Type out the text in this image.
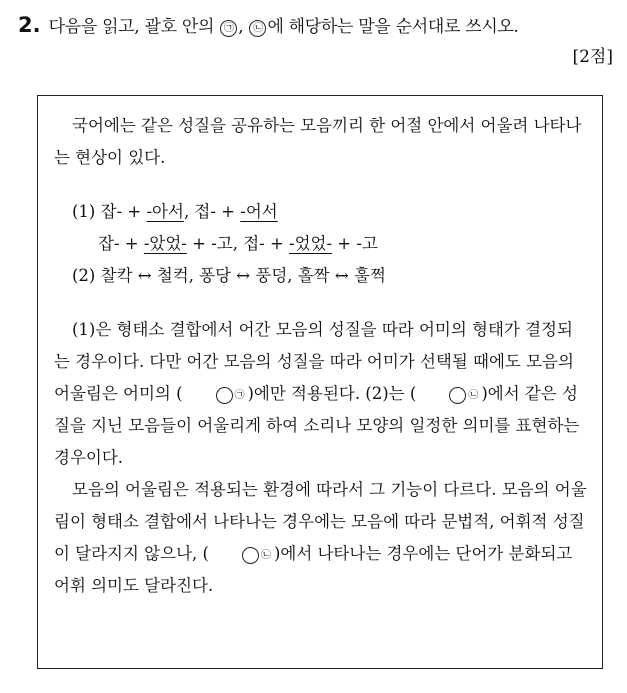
2. 다음을 읽고, 괄호 안의 ㉠ , ㉡ 에 해당하는 말을 순서대로 쓰시오.
[2점]

국어에는 같은 성질을 공유하는 모음끼리 한 어절 안에서 어울려 나타나는 현상이 있다.

(1) 잡- + -아서, 접- + -어서
잡- + -았었- + -고, 접- + -었었- + -고
(2) 찰칵 ↔ 철컥, 퐁당 ↔ 풍덩, 홀짝 ↔ 훌쩍

(1)은 형태소 결합에서 어간 모음의 성질을 따라 어미의 형태가 결정되는 경우이다. 다만 어간 모음의 성질을 따라 어미가 선택될 때에도 모음의 어울림은 어미의 (	㉠ )에만 적용된다. (2)는 (	㉡ )에서 같은 성질을 지닌 모음들이 어울리게 하여 소리나 모양의 일정한 의미를 표현하는 경우이다.

모음의 어울림은 적용되는 환경에 따라서 그 기능이 다르다. 모음의 어울림이 형태소 결합에서 나타나는 경우에는 모음에 따라 문법적, 어휘적 성질이 달라지지 않으나, (	㉡ )에서 나타나는 경우에는 단어가 분화되고 어휘 의미도 달라진다.
